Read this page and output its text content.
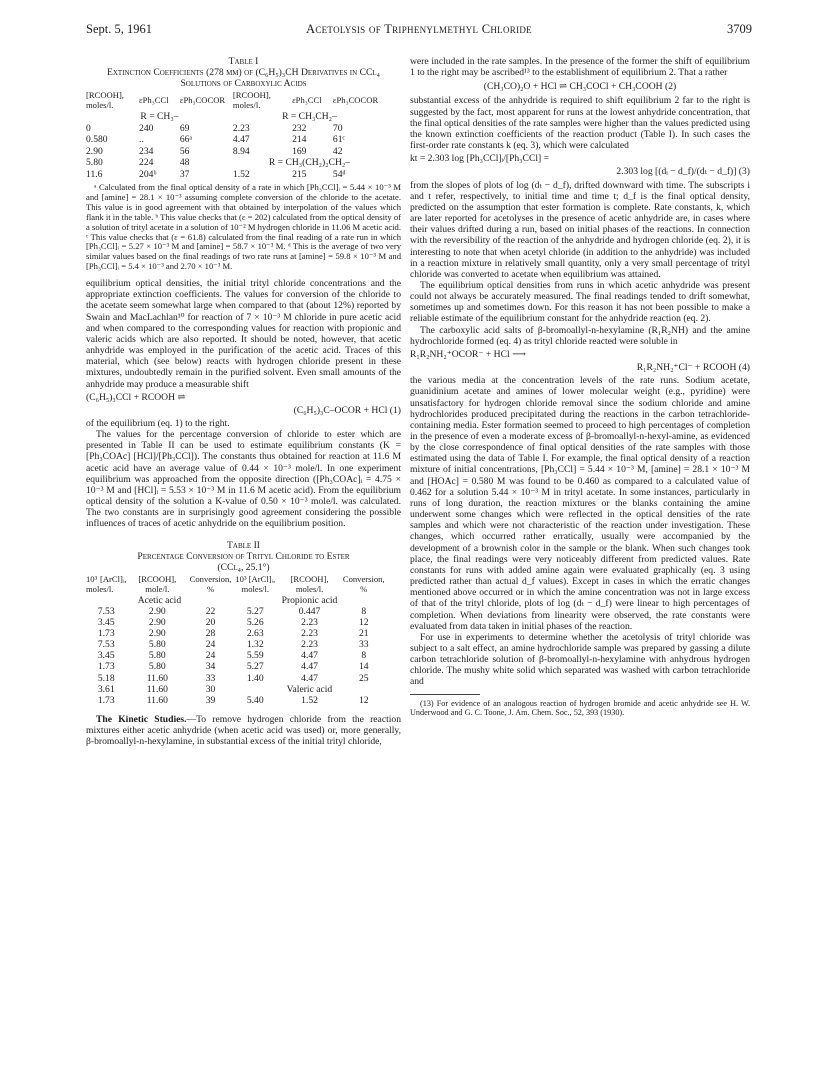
Sept. 5, 1961	Acetolysis of Triphenylmethyl Chloride	3709
Table I
Extinction Coefficients (278 mμ) of (C₆H₅)₃CH Derivatives in CCl₄ Solutions of Carboxylic Acids
[RCOOH], moles/l.	εPh₃CCl	εPh₃COCOR	[RCOOH], moles/l.	εPh₃CCl	εPh₃COCOR
R = CH₃–			R = CH₃CH₂–		
0	240	69	2.23	232	70
0.580	..	66ᵃ	4.47	214	61ᶜ
2.90	234	56	8.94	169	42
5.80	224	48	R = CH₃(CH₂)₂CH₂–		
11.6	204ᵇ	37	1.52	215	54ᵈ

ᵃ Calculated from the final optical density of a rate in which [Ph₃CCl]ᵢ = 5.44 × 10⁻³ M and [amine] = 28.1 × 10⁻³ assuming complete conversion of the chloride to the acetate. This value is in good agreement with that obtained by interpolation of the values which flank it in the table. ᵇ This value checks that (ε = 202) calculated from the optical density of a solution of trityl acetate in a solution of 10⁻² M hydrogen chloride in 11.06 M acetic acid. ᶜ This value checks that (ε = 61.8) calculated from the final reading of a rate run in which [Ph₃CCl]ᵢ = 5.27 × 10⁻³ M and [amine] = 58.7 × 10⁻³ M. ᵈ This is the average of two very similar values based on the final readings of two rate runs at [amine] = 59.8 × 10⁻³ M and [Ph₃CCl]ᵢ = 5.4 × 10⁻³ and 2.70 × 10⁻³ M.

equilibrium optical densities, the initial trityl chloride concentrations and the appropriate extinction coefficients. The values for conversion of the chloride to the acetate seem somewhat large when compared to that (about 12%) reported by Swain and MacLachlan¹⁰ for reaction of 7 × 10⁻³ M chloride in pure acetic acid and when compared to the corresponding values for reaction with propionic and valeric acids which are also reported. It should be noted, however, that acetic anhydride was employed in the purification of the acetic acid. Traces of this material, which (see below) reacts with hydrogen chloride present in these mixtures, undoubtedly remain in the purified solvent. Even small amounts of the anhydride may produce a measurable shift

(C₆H₅)₃CCl + RCOOH ⇌
(C₆H₅)₃C–OCOR + HCl (1)

of the equilibrium (eq. 1) to the right.

The values for the percentage conversion of chloride to ester which are presented in Table II can be used to estimate equilibrium constants (K = [Ph₃COAc] [HCl]/[Ph₃CCl]). The constants thus obtained for reaction at 11.6 M acetic acid have an average value of 0.44 × 10⁻³ mole/l. In one experiment equilibrium was approached from the opposite direction ([Ph₃COAc]ᵢ = 4.75 × 10⁻³ M and [HCl]ᵢ = 5.53 × 10⁻³ M in 11.6 M acetic acid). From the equilibrium optical density of the solution a K-value of 0.50 × 10⁻³ mole/l. was calculated. The two constants are in surprisingly good agreement considering the possible influences of traces of acetic anhydride on the equilibrium position.

Table II
Percentage Conversion of Trityl Chloride to Ester
(CCl₄, 25.1°)
10³ [ArCl]ᵢ, moles/l.	[RCOOH], mole/l.	Conversion, %	10³ [ArCl]ᵢ, moles/l.	[RCOOH], moles/l.	Conversion, %
Acetic acid			Propionic acid		
7.53	2.90	22	5.27	0.447	8
3.45	2.90	20	5.26	2.23	12
1.73	2.90	28	2.63	2.23	21
7.53	5.80	24	1.32	2.23	33
3.45	5.80	24	5.59	4.47	8
1.73	5.80	34	5.27	4.47	14
5.18	11.60	33	1.40	4.47	25
3.61	11.60	30	Valeric acid		
1.73	11.60	39	5.40	1.52	12

The Kinetic Studies.—To remove hydrogen chloride from the reaction mixtures either acetic anhydride (when acetic acid was used) or, more generally, β-bromoallyl-n-hexylamine, in substantial excess of the initial trityl chloride,

were included in the rate samples. In the presence of the former the shift of equilibrium 1 to the right may be ascribed¹³ to the establishment of equilibrium 2. That a rather

(CH₃CO)₂O + HCl ⇌ CH₃COCl + CH₃COOH (2)

substantial excess of the anhydride is required to shift equilibrium 2 far to the right is suggested by the fact, most apparent for runs at the lowest anhydride concentration, that the final optical densities of the rate samples were higher than the values predicted using the known extinction coefficients of the reaction product (Table I). In such cases the first-order rate constants k (eq. 3), which were calculated

kt = 2.303 log [Ph₃CCl]ᵢ/[Ph₃CCl] =
2.303 log [(dᵢ − d_f)/(dₜ − d_f)] (3)

from the slopes of plots of log (dₜ − d_f), drifted downward with time. The subscripts i and t refer, respectively, to initial time and time t; d_f is the final optical density, predicted on the assumption that ester formation is complete. Rate constants, k, which are later reported for acetolyses in the presence of acetic anhydride are, in cases where their values drifted during a run, based on initial phases of the reactions. In connection with the reversibility of the reaction of the anhydride and hydrogen chloride (eq. 2), it is interesting to note that when acetyl chloride (in addition to the anhydride) was included in a reaction mixture in relatively small quantity, only a very small percentage of trityl chloride was converted to acetate when equilibrium was attained.

The equilibrium optical densities from runs in which acetic anhydride was present could not always be accurately measured. The final readings tended to drift somewhat, sometimes up and sometimes down. For this reason it has not been possible to make a reliable estimate of the equilibrium constant for the anhydride reaction (eq. 2).

The carboxylic acid salts of β-bromoallyl-n-hexylamine (R₁R₂NH) and the amine hydrochloride formed (eq. 4) as trityl chloride reacted were soluble in

R₁R₂NH₂⁺OCOR⁻ + HCl ⟶
R₁R₂NH₂⁺Cl⁻ + RCOOH (4)

the various media at the concentration levels of the rate runs. Sodium acetate, guanidinium acetate and amines of lower molecular weight (e.g., pyridine) were unsatisfactory for hydrogen chloride removal since the sodium chloride and amine hydrochlorides produced precipitated during the reactions in the carbon tetrachloride-containing media. Ester formation seemed to proceed to high percentages of completion in the presence of even a moderate excess of β-bromoallyl-n-hexyl-amine, as evidenced by the close correspondence of final optical densities of the rate samples with those estimated using the data of Table I. For example, the final optical density of a reaction mixture of initial concentrations, [Ph₃CCl] = 5.44 × 10⁻³ M, [amine] = 28.1 × 10⁻³ M and [HOAc] = 0.580 M was found to be 0.460 as compared to a calculated value of 0.462 for a solution 5.44 × 10⁻³ M in trityl acetate. In some instances, particularly in runs of long duration, the reaction mixtures or the blanks containing the amine underwent some changes which were reflected in the optical densities of the rate samples and which were not characteristic of the reaction under investigation. These changes, which occurred rather erratically, usually were accompanied by the development of a brownish color in the sample or the blank. When such changes took place, the final readings were very noticeably different from predicted values. Rate constants for runs with added amine again were evaluated graphically (eq. 3 using predicted rather than actual d_f values). Except in cases in which the erratic changes mentioned above occurred or in which the amine concentration was not in large excess of that of the trityl chloride, plots of log (dₜ − d_f) were linear to high percentages of completion. When deviations from linearity were observed, the rate constants were evaluated from data taken in initial phases of the reaction.

For use in experiments to determine whether the acetolysis of trityl chloride was subject to a salt effect, an amine hydrochloride sample was prepared by gassing a dilute carbon tetrachloride solution of β-bromoallyl-n-hexylamine with anhydrous hydrogen chloride. The mushy white solid which separated was washed with carbon tetrachloride and

(13) For evidence of an analogous reaction of hydrogen bromide and acetic anhydride see H. W. Underwood and G. C. Toone, J. Am. Chem. Soc., 52, 393 (1930).
